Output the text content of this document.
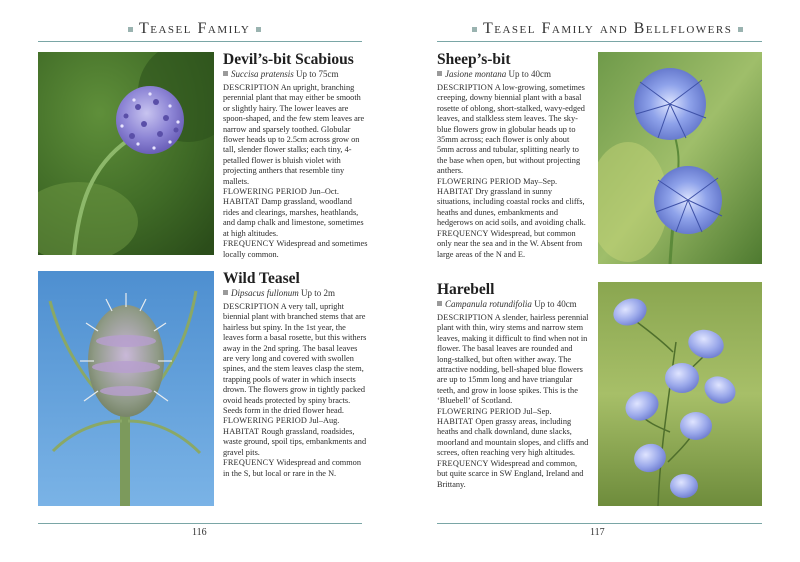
Teasel Family
Devil’s-bit Scabious
Succisa pratensis Up to 75cm

DESCRIPTION An upright, branching perennial plant that may either be smooth or slightly hairy. The lower leaves are spoon-shaped, and the few stem leaves are narrow and sparsely toothed. Globular flower heads up to 2.5cm across grow on tall, slender flower stalks; each tiny, 4-petalled flower is bluish violet with projecting anthers that resemble tiny mallets.

FLOWERING PERIOD Jun–Oct.

HABITAT Damp grassland, woodland rides and clearings, marshes, heathlands, and damp chalk and limestone, sometimes at high altitudes.

FREQUENCY Widespread and sometimes locally common.

Wild Teasel
Dipsacus fullonum Up to 2m

DESCRIPTION A very tall, upright biennial plant with branched stems that are hairless but spiny. In the 1st year, the leaves form a basal rosette, but this withers away in the 2nd spring. The basal leaves are very long and covered with swollen spines, and the stem leaves clasp the stem, trapping pools of water in which insects drown. The flowers grow in tightly packed ovoid heads protected by spiny bracts. Seeds form in the dried flower head.

FLOWERING PERIOD Jul–Aug.

HABITAT Rough grassland, roadsides, waste ground, spoil tips, embankments and gravel pits.

FREQUENCY Widespread and common in the S, but local or rare in the N.

116
Teasel Family and Bellflowers
Sheep’s-bit
Jasione montana Up to 40cm

DESCRIPTION A low-growing, sometimes creeping, downy biennial plant with a basal rosette of oblong, short-stalked, wavy-edged leaves, and stalkless stem leaves. The sky-blue flowers grow in globular heads up to 35mm across; each flower is only about 5mm across and tubular, splitting nearly to the base when open, but without projecting anthers.

FLOWERING PERIOD May–Sep.

HABITAT Dry grassland in sunny situations, including coastal rocks and cliffs, heaths and dunes, embankments and hedgerows on acid soils, and avoiding chalk.

FREQUENCY Widespread, but common only near the sea and in the W. Absent from large areas of the N and E.

Harebell
Campanula rotundifolia Up to 40cm

DESCRIPTION A slender, hairless perennial plant with thin, wiry stems and narrow stem leaves, making it difficult to find when not in flower. The basal leaves are rounded and long-stalked, but often wither away. The attractive nodding, bell-shaped blue flowers are up to 15mm long and have triangular teeth, and grow in loose spikes. This is the ‘Bluebell’ of Scotland.

FLOWERING PERIOD Jul–Sep.

HABITAT Open grassy areas, including heaths and chalk downland, dune slacks, moorland and mountain slopes, and cliffs and screes, often reaching very high altitudes.

FREQUENCY Widespread and common, but quite scarce in SW England, Ireland and Brittany.

117
